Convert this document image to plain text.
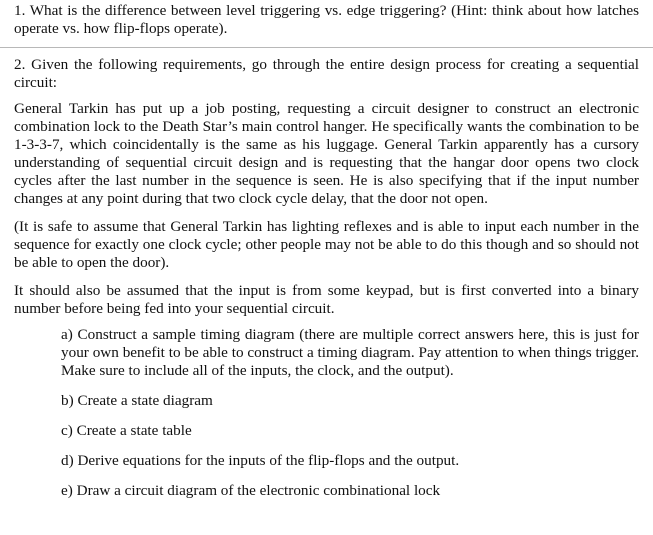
1. What is the difference between level triggering vs. edge triggering? (Hint: think about how latches operate vs. how flip-flops operate).

2. Given the following requirements, go through the entire design process for creating a sequential circuit:

General Tarkin has put up a job posting, requesting a circuit designer to construct an electronic combination lock to the Death Star’s main control hanger. He specifically wants the combination to be 1-3-3-7, which coincidentally is the same as his luggage. General Tarkin apparently has a cursory understanding of sequential circuit design and is requesting that the hangar door opens two clock cycles after the last number in the sequence is seen. He is also specifying that if the input number changes at any point during that two clock cycle delay, that the door not open.

(It is safe to assume that General Tarkin has lighting reflexes and is able to input each number in the sequence for exactly one clock cycle; other people may not be able to do this though and so should not be able to open the door).

It should also be assumed that the input is from some keypad, but is first converted into a binary number before being fed into your sequential circuit.

a) Construct a sample timing diagram (there are multiple correct answers here, this is just for your own benefit to be able to construct a timing diagram. Pay attention to when things trigger. Make sure to include all of the inputs, the clock, and the output).
b) Create a state diagram
c) Create a state table
d) Derive equations for the inputs of the flip-flops and the output.
e) Draw a circuit diagram of the electronic combinational lock
